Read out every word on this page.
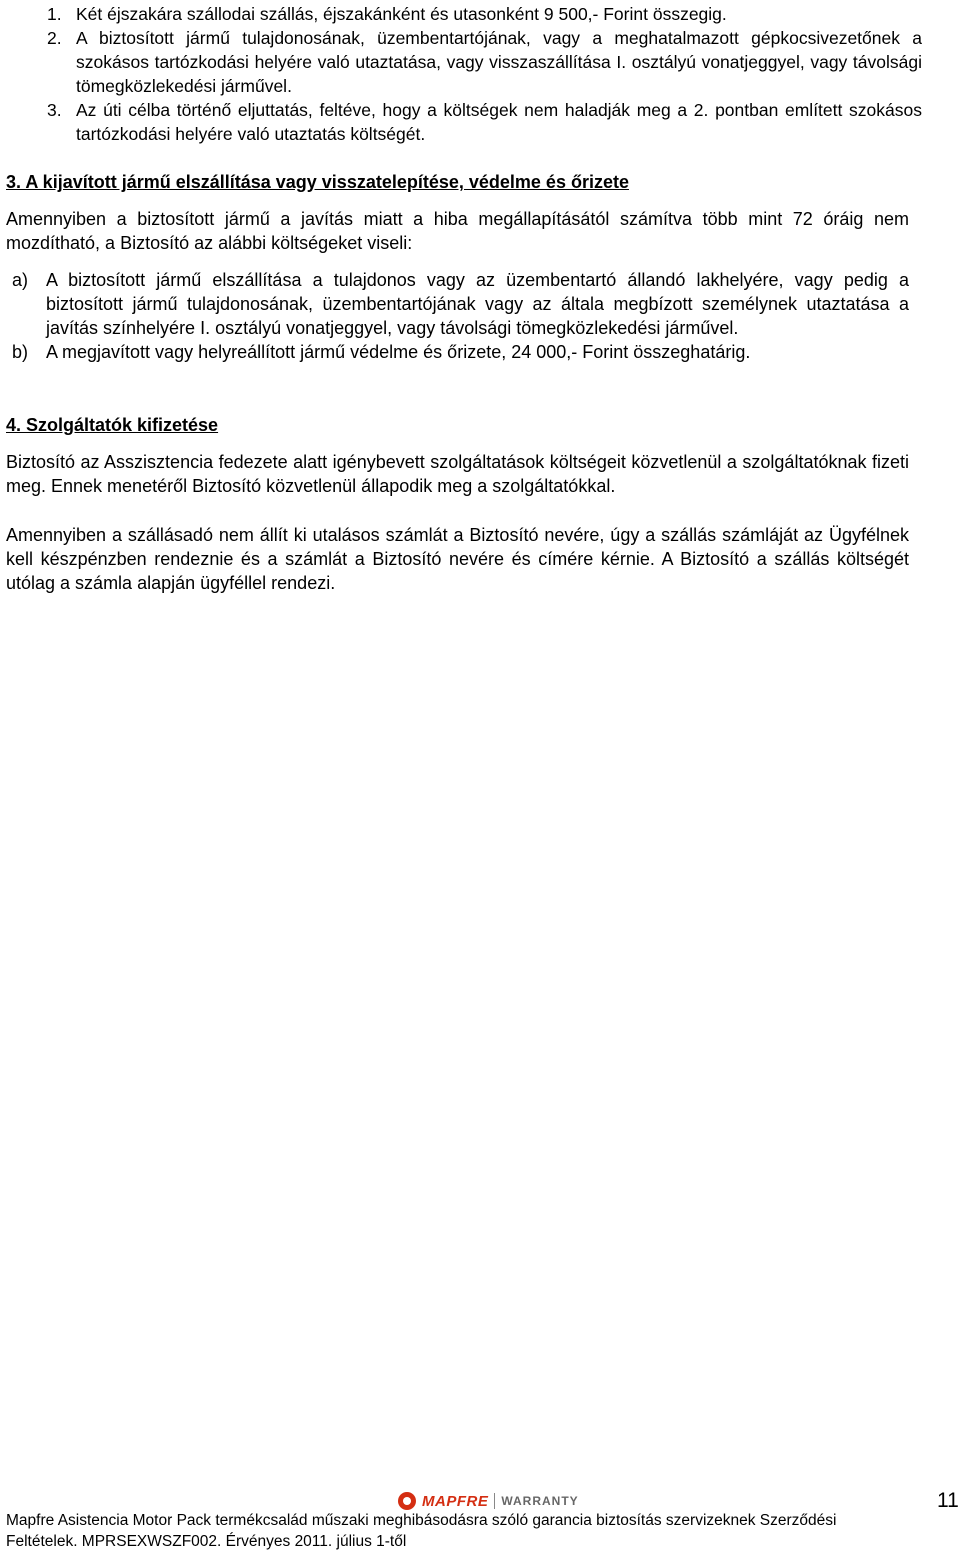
1. Két éjszakára szállodai szállás, éjszakánként és utasonként 9 500,- Forint összegig.
2. A biztosított jármű tulajdonosának, üzembentartójának, vagy a meghatalmazott gépkocsivezetőnek a szokásos tartózkodási helyére való utaztatása, vagy visszaszállítása I. osztályú vonatjeggyel, vagy távolsági tömegközlekedési járművel.
3. Az úti célba történő eljuttatás, feltéve, hogy a költségek nem haladják meg a 2. pontban említett szokásos tartózkodási helyére való utaztatás költségét.
3. A kijavított jármű elszállítása vagy visszatelepítése, védelme és őrizete
Amennyiben a biztosított jármű a javítás miatt a hiba megállapításától számítva több mint 72 óráig nem mozdítható, a Biztosító az alábbi költségeket viseli:
a) A biztosított jármű elszállítása a tulajdonos vagy az üzembentartó állandó lakhelyére, vagy pedig a biztosított jármű tulajdonosának, üzembentartójának vagy az általa megbízott személynek utaztatása a javítás színhelyére I. osztályú vonatjeggyel, vagy távolsági tömegközlekedési járművel.
b) A megjavított vagy helyreállított jármű védelme és őrizete, 24 000,- Forint összeghatárig.
4. Szolgáltatók kifizetése
Biztosító az Asszisztencia fedezete alatt igénybevett szolgáltatások költségeit közvetlenül a szolgáltatóknak fizeti meg. Ennek menetéről Biztosító közvetlenül állapodik meg a szolgáltatókkal.
Amennyiben a szállásadó nem állít ki utalásos számlát a Biztosító nevére, úgy a szállás számláját az Ügyfélnek kell készpénzben rendeznie és a számlát a Biztosító nevére és címére kérnie. A Biztosító a szállás költségét utólag a számla alapján ügyféllel rendezi.
MAPFRE WARRANTY	11
Mapfre Asistencia Motor Pack termékcsalád műszaki meghibásodásra szóló garancia biztosítás szervizeknek Szerződési
Feltételek. MPRSEXWSZF002. Érvényes 2011. július 1-től
